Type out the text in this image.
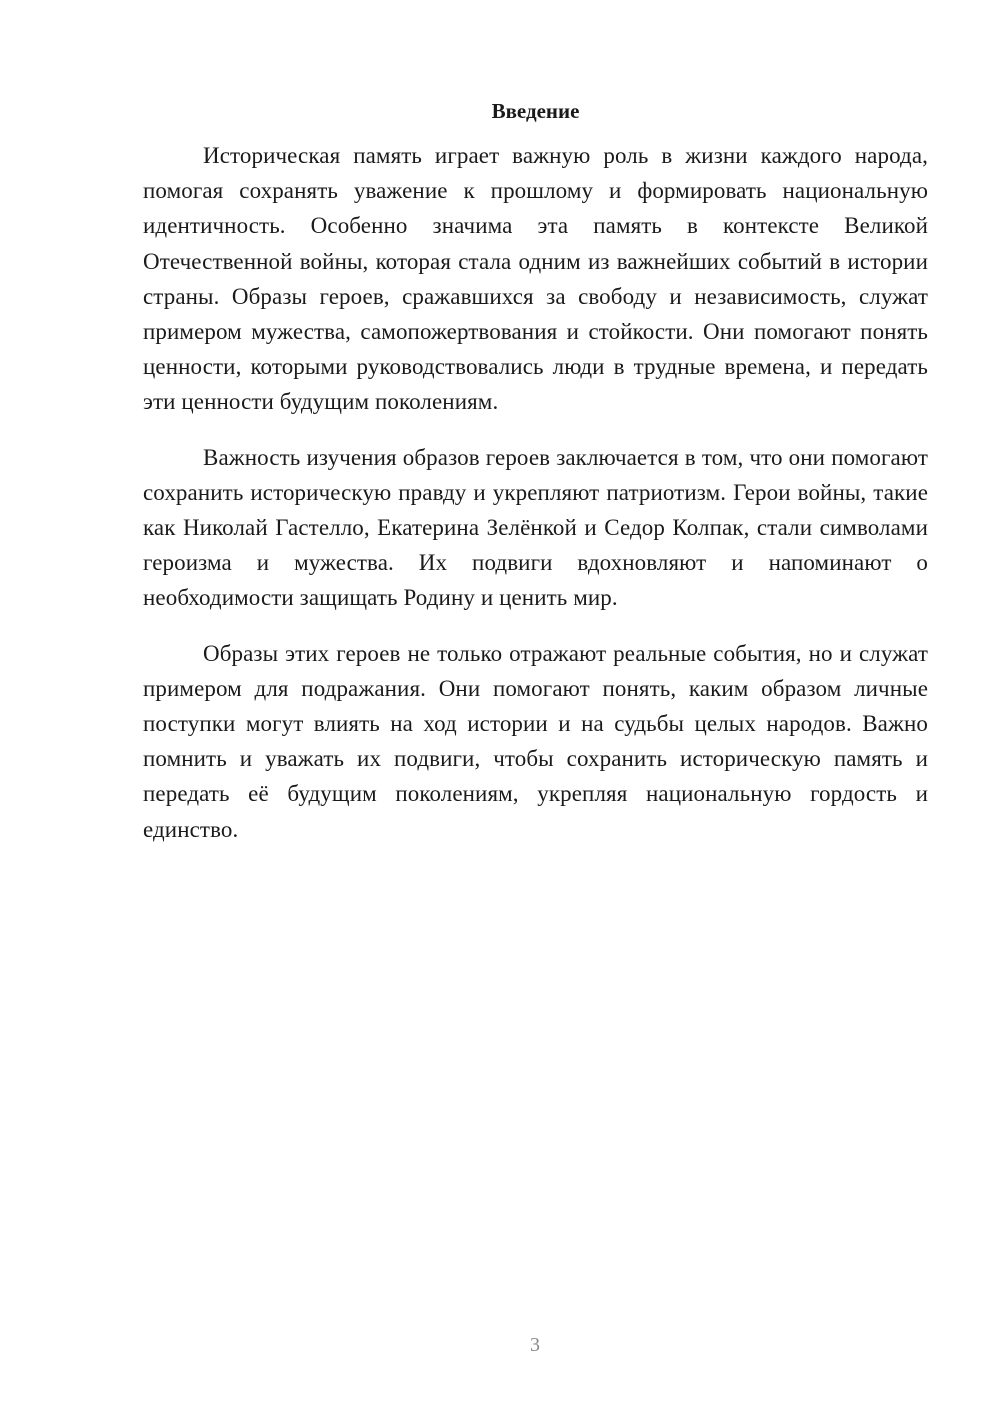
Введение

Историческая память играет важную роль в жизни каждого народа, помогая сохранять уважение к прошлому и формировать национальную идентичность. Особенно значима эта память в контексте Великой Отечественной войны, которая стала одним из важнейших событий в истории страны. Образы героев, сражавшихся за свободу и независимость, служат примером мужества, самопожертвования и стойкости. Они помогают понять ценности, которыми руководствовались люди в трудные времена, и передать эти ценности будущим поколениям.

Важность изучения образов героев заключается в том, что они помогают сохранить историческую правду и укрепляют патриотизм. Герои войны, такие как Николай Гастелло, Екатерина Зелёнкой и Седор Колпак, стали символами героизма и мужества. Их подвиги вдохновляют и напоминают о необходимости защищать Родину и ценить мир.

Образы этих героев не только отражают реальные события, но и служат примером для подражания. Они помогают понять, каким образом личные поступки могут влиять на ход истории и на судьбы целых народов. Важно помнить и уважать их подвиги, чтобы сохранить историческую память и передать её будущим поколениям, укрепляя национальную гордость и единство.

3
